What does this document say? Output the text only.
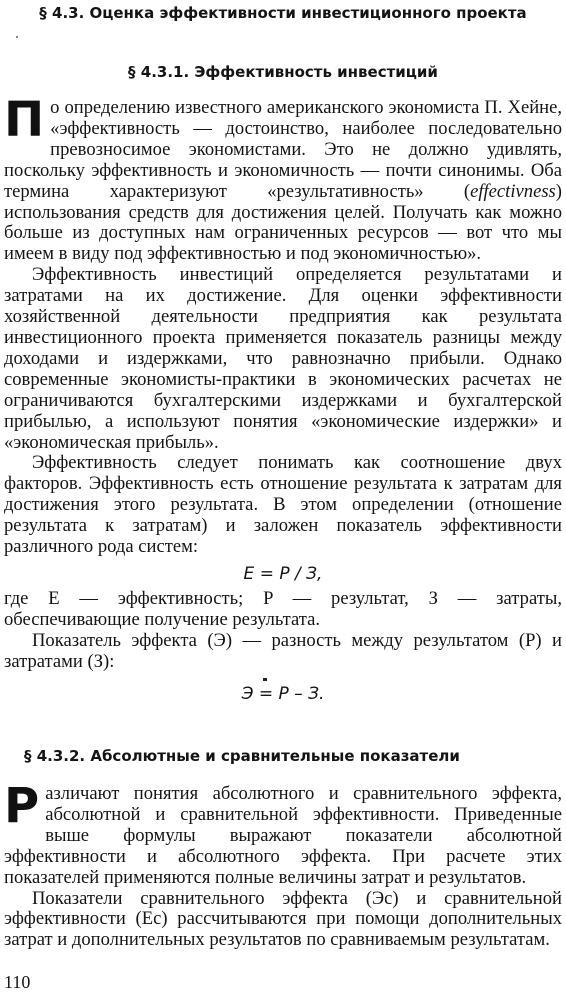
§ 4.3. Оценка эффективности инвестиционного проекта
§ 4.3.1. Эффективность инвестиций

По определению известного американского экономиста П. Хейне, «эффективность — достоинство, наиболее последовательно превозносимое экономистами. Это не должно удивлять, поскольку эффективность и экономичность — почти синонимы. Оба термина характеризуют «результативность» (effectivness) использования средств для достижения целей. Получать как можно больше из доступных нам ограниченных ресурсов — вот что мы имеем в виду под эффективностью и под экономичностью».

Эффективность инвестиций определяется результатами и затратами на их достижение. Для оценки эффективности хозяйственной деятельности предприятия как результата инвестиционного проекта применяется показатель разницы между доходами и издержками, что равнозначно прибыли. Однако современные экономисты-практики в экономических расчетах не ограничиваются бухгалтерскими издержками и бухгалтерской прибылью, а используют понятия «экономические издержки» и «экономическая прибыль».

Эффективность следует понимать как соотношение двух факторов. Эффективность есть отношение результата к затратам для достижения этого результата. В этом определении (отношение результата к затратам) и заложен показатель эффективности различного рода систем:

E = P / З,

где E — эффективность; P — результат, З — затраты, обеспечивающие получение результата.

Показатель эффекта (Э) — разность между результатом (P) и затратами (З):

Э = P – З.

§ 4.3.2. Абсолютные и сравнительные показатели

Различают понятия абсолютного и сравнительного эффекта, абсолютной и сравнительной эффективности. Приведенные выше формулы выражают показатели абсолютной эффективности и абсолютного эффекта. При расчете этих показателей применяются полные величины затрат и результатов.

Показатели сравнительного эффекта (Эс) и сравнительной эффективности (Eс) рассчитываются при помощи дополнительных затрат и дополнительных результатов по сравниваемым результатам.

110
